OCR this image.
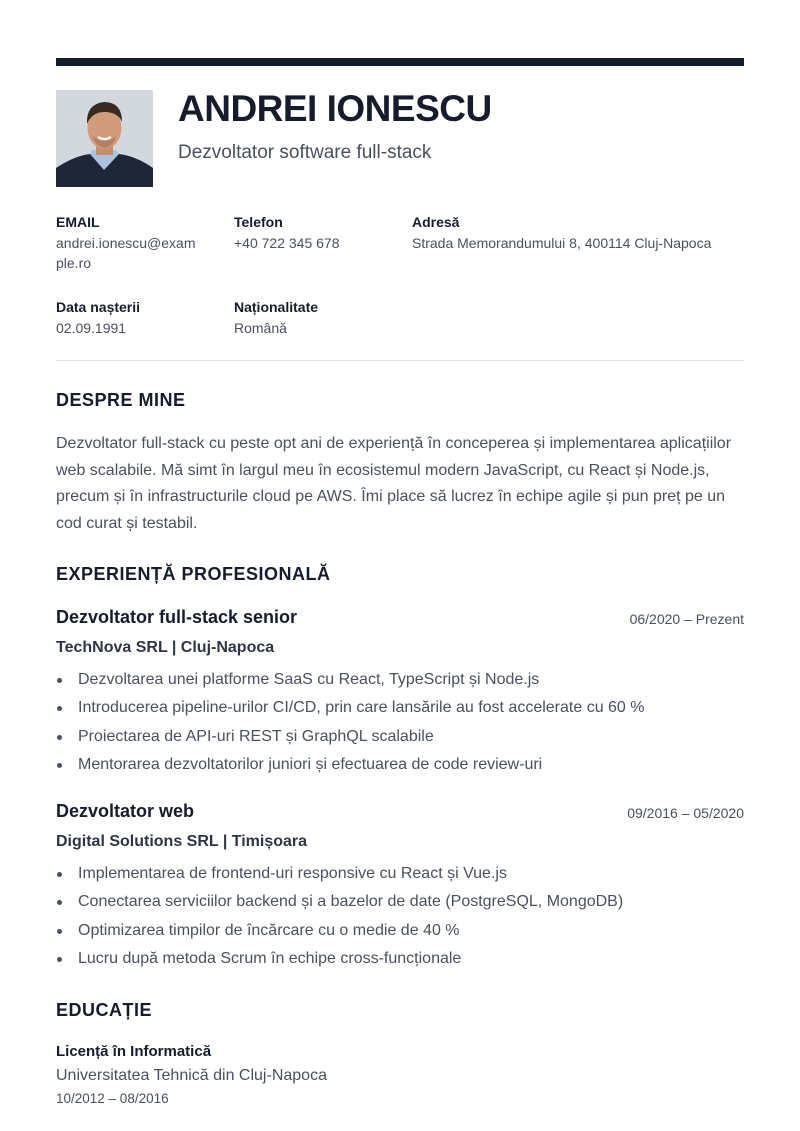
ANDREI IONESCU
Dezvoltator software full-stack
EMAIL
andrei.ionescu@exam
ple.ro
Telefon
+40 722 345 678
Adresă
Strada Memorandumului 8, 400114 Cluj-Napoca
Data nașterii
02.09.1991
Naționalitate
Română
DESPRE MINE
Dezvoltator full-stack cu peste opt ani de experiență în conceperea și implementarea aplicațiilor web scalabile. Mă simt în largul meu în ecosistemul modern JavaScript, cu React și Node.js, precum și în infrastructurile cloud pe AWS. Îmi place să lucrez în echipe agile și pun preț pe un cod curat și testabil.
EXPERIENȚĂ PROFESIONALĂ
Dezvoltator full-stack senior	06/2020 – Prezent
TechNova SRL | Cluj-Napoca
Dezvoltarea unei platforme SaaS cu React, TypeScript și Node.js
Introducerea pipeline-urilor CI/CD, prin care lansările au fost accelerate cu 60 %
Proiectarea de API-uri REST și GraphQL scalabile
Mentorarea dezvoltatorilor juniori și efectuarea de code review-uri
Dezvoltator web	09/2016 – 05/2020
Digital Solutions SRL | Timișoara
Implementarea de frontend-uri responsive cu React și Vue.js
Conectarea serviciilor backend și a bazelor de date (PostgreSQL, MongoDB)
Optimizarea timpilor de încărcare cu o medie de 40 %
Lucru după metoda Scrum în echipe cross-funcționale
EDUCAȚIE
Licență în Informatică
Universitatea Tehnică din Cluj-Napoca
10/2012 – 08/2016
